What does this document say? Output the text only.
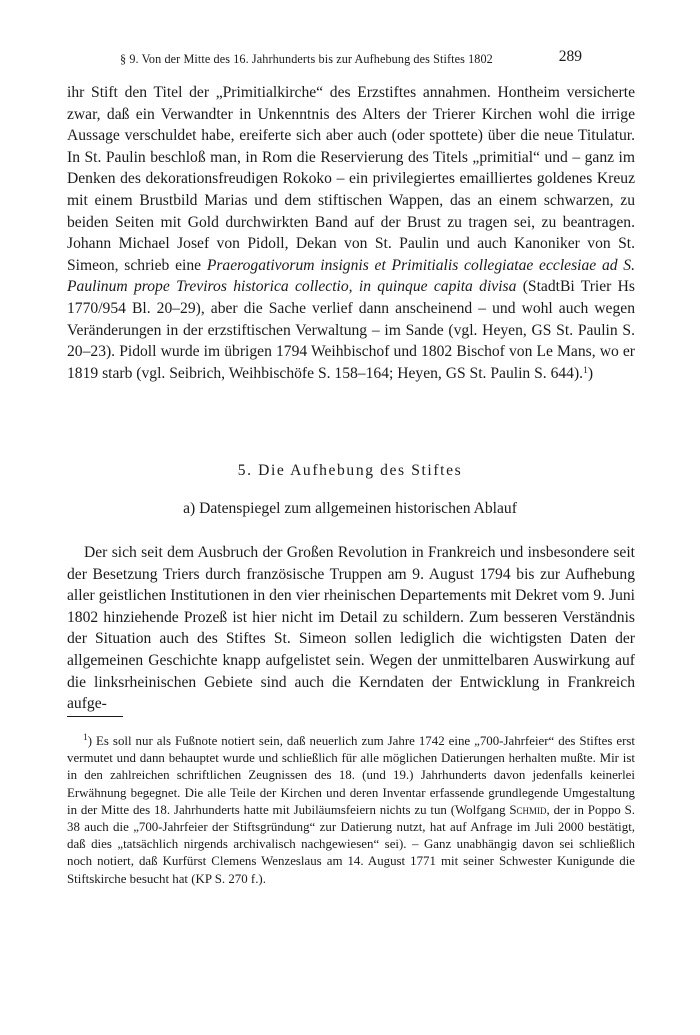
§ 9. Von der Mitte des 16. Jahrhunderts bis zur Aufhebung des Stiftes 1802	289
ihr Stift den Titel der „Primitialkirche“ des Erzstiftes annahmen. Hontheim versicherte zwar, daß ein Verwandter in Unkenntnis des Alters der Trierer Kirchen wohl die irrige Aussage verschuldet habe, ereiferte sich aber auch (oder spottete) über die neue Titulatur. In St. Paulin beschloß man, in Rom die Reservierung des Titels „primitial“ und – ganz im Denken des dekorationsfreudigen Rokoko – ein privilegiertes emailliertes goldenes Kreuz mit einem Brustbild Marias und dem stiftischen Wappen, das an einem schwarzen, zu beiden Seiten mit Gold durchwirkten Band auf der Brust zu tragen sei, zu beantragen. Johann Michael Josef von Pidoll, Dekan von St. Paulin und auch Kanoniker von St. Simeon, schrieb eine Praerogativorum insignis et Primitialis collegiatae ecclesiae ad S. Paulinum prope Treviros historica collectio, in quinque capita divisa (StadtBi Trier Hs 1770/954 Bl. 20–29), aber die Sache verlief dann anscheinend – und wohl auch wegen Veränderungen in der erzstiftischen Verwaltung – im Sande (vgl. Heyen, GS St. Paulin S. 20–23). Pidoll wurde im übrigen 1794 Weihbischof und 1802 Bischof von Le Mans, wo er 1819 starb (vgl. Seibrich, Weihbischöfe S. 158–164; Heyen, GS St. Paulin S. 644).$^1$)
5. Die Aufhebung des Stiftes
a) Datenspiegel zum allgemeinen historischen Ablauf
Der sich seit dem Ausbruch der Großen Revolution in Frankreich und insbesondere seit der Besetzung Triers durch französische Truppen am 9. August 1794 bis zur Aufhebung aller geistlichen Institutionen in den vier rheinischen Departements mit Dekret vom 9. Juni 1802 hinziehende Prozeß ist hier nicht im Detail zu schildern. Zum besseren Verständnis der Situation auch des Stiftes St. Simeon sollen lediglich die wichtigsten Daten der allgemeinen Geschichte knapp aufgelistet sein. Wegen der unmittelbaren Auswirkung auf die linksrheinischen Gebiete sind auch die Kerndaten der Entwicklung in Frankreich aufge-
$^1$) Es soll nur als Fußnote notiert sein, daß neuerlich zum Jahre 1742 eine „700-Jahrfeier“ des Stiftes erst vermutet und dann behauptet wurde und schließlich für alle möglichen Datierungen herhalten mußte. Mir ist in den zahlreichen schriftlichen Zeugnissen des 18. (und 19.) Jahrhunderts davon jedenfalls keinerlei Erwähnung begegnet. Die alle Teile der Kirchen und deren Inventar erfassende grundlegende Umgestaltung in der Mitte des 18. Jahrhunderts hatte mit Jubiläumsfeiern nichts zu tun (Wolfgang Schmid, der in Poppo S. 38 auch die „700-Jahrfeier der Stiftsgründung“ zur Datierung nutzt, hat auf Anfrage im Juli 2000 bestätigt, daß dies „tatsächlich nirgends archivalisch nachgewiesen“ sei). – Ganz unabhängig davon sei schließlich noch notiert, daß Kurfürst Clemens Wenzeslaus am 14. August 1771 mit seiner Schwester Kunigunde die Stiftskirche besucht hat (KP S. 270 f.).
